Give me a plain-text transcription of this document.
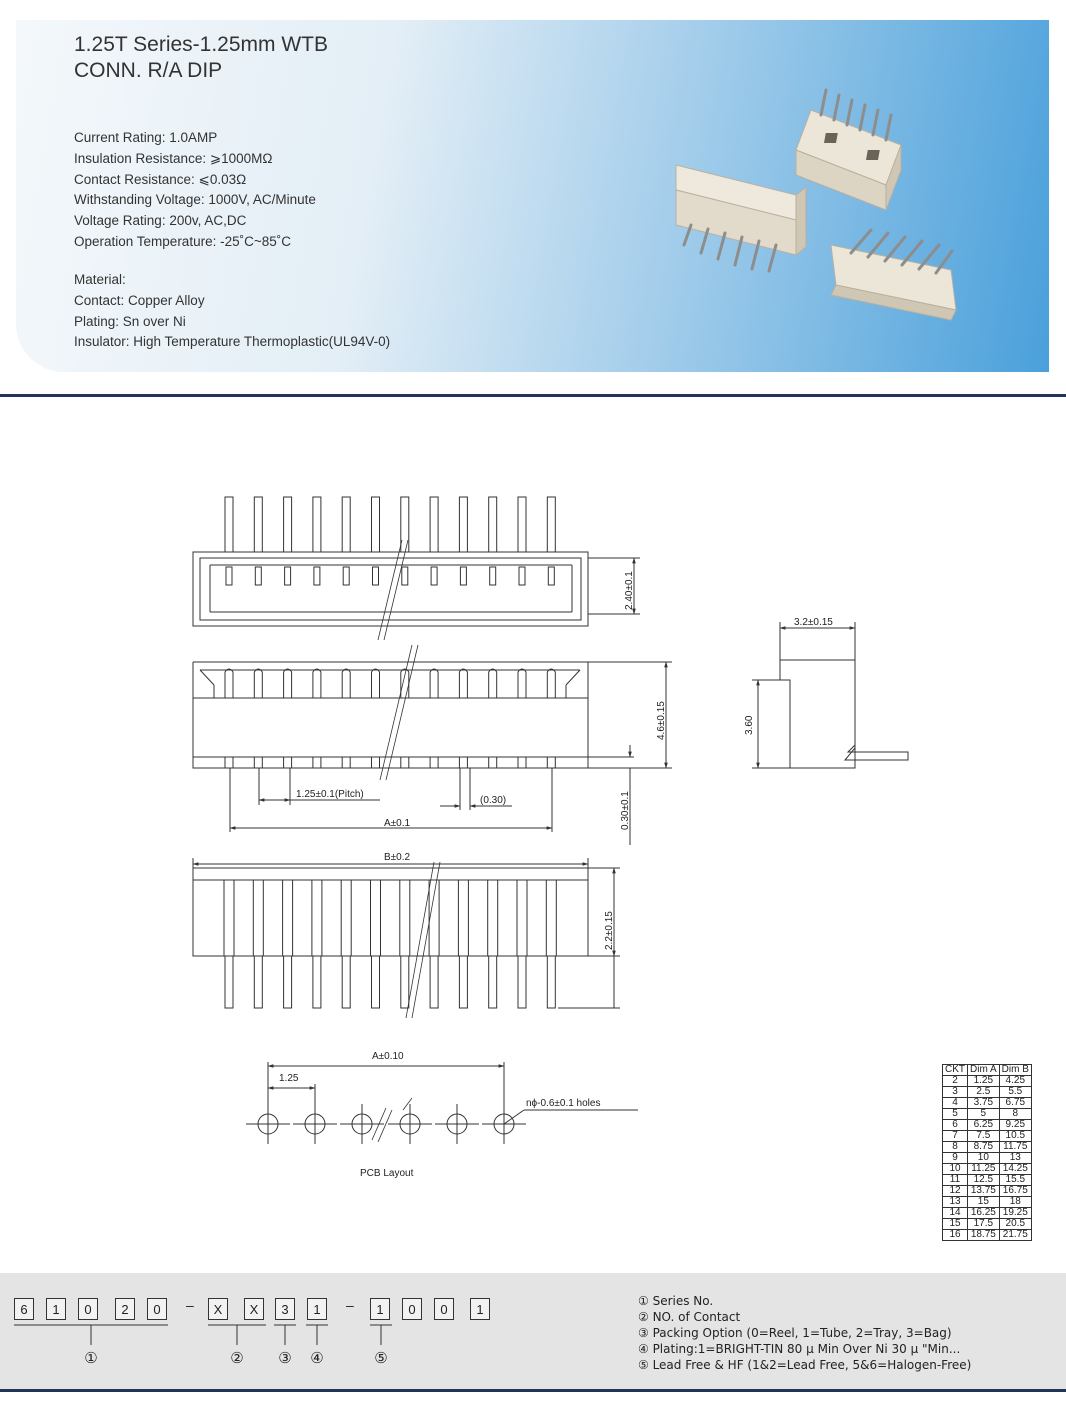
1.25T Series-1.25mm WTB
CONN. R/A DIP
Current Rating: 1.0AMP
Insulation Resistance: ⩾1000MΩ
Contact Resistance: ⩽0.03Ω
Withstanding Voltage: 1000V, AC/Minute
Voltage Rating: 200v, AC,DC
Operation Temperature: -25˚C~85˚C
Material:
Contact: Copper Alloy
Plating: Sn over Ni
Insulator: High Temperature Thermoplastic(UL94V-0)
2.40±0.1
4.6±0.15
0.30±0.1
1.25±0.1(Pitch)
(0.30)
A±0.1
B±0.2
2.2±0.15
3.2±0.15
3.60
A±0.10
1.25
nϕ-0.6±0.1 holes
PCB Layout
CKT	Dim A	Dim B
2	1.25	4.25
3	2.5	5.5
4	3.75	6.75
5	5	8
6	6.25	9.25
7	7.5	10.5
8	8.75	11.75
9	10	13
10	11.25	14.25
11	12.5	15.5
12	13.75	16.75
13	15	18
14	16.25	19.25
15	17.5	20.5
16	18.75	21.75
6	1	0	2	0	–	X	X	3	1	–	1	0	0	1
①	② ③ ④	⑤
① Series No.
② NO. of Contact
③ Packing Option (0=Reel, 1=Tube, 2=Tray, 3=Bag)
④ Plating:1=BRIGHT-TIN 80 μ Min Over Ni 30 μ "Min...
⑤ Lead Free & HF (1&2=Lead Free, 5&6=Halogen-Free)
